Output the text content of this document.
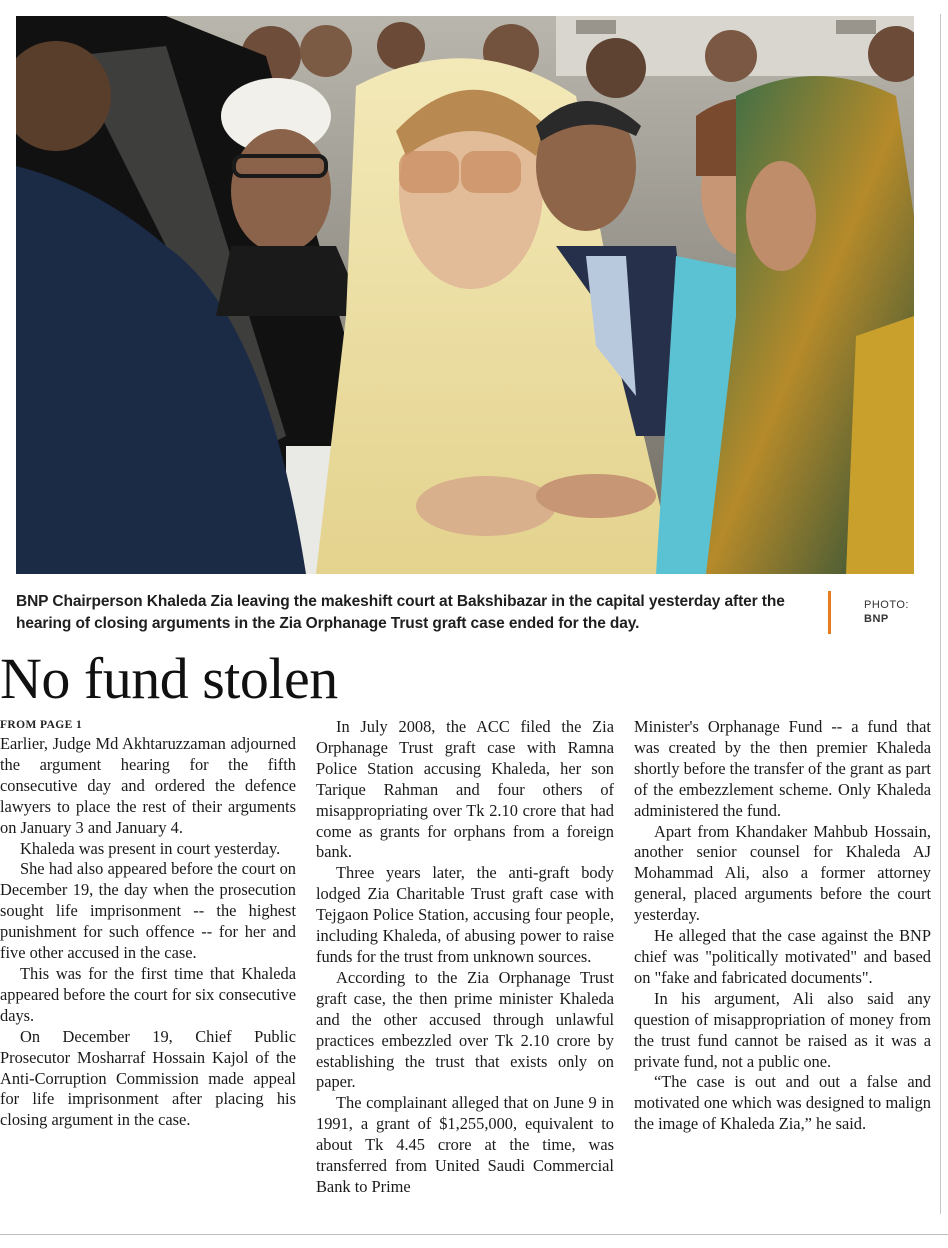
BNP Chairperson Khaleda Zia leaving the makeshift court at Bakshibazar in the capital yesterday after the hearing of closing arguments in the Zia Orphanage Trust graft case ended for the day.
PHOTO:
BNP
No fund stolen
FROM PAGE 1

Earlier, Judge Md Akhtaruzzaman adjourned the argument hearing for the fifth consecutive day and ordered the defence lawyers to place the rest of their arguments on January 3 and January 4.

Khaleda was present in court yesterday.

She had also appeared before the court on December 19, the day when the prosecution sought life imprisonment -- the highest punishment for such offence -- for her and five other accused in the case.

This was for the first time that Khaleda appeared before the court for six consecutive days.

On December 19, Chief Public Prosecutor Mosharraf Hossain Kajol of the Anti-Corruption Commission made appeal for life imprisonment after placing his closing argument in the case.

In July 2008, the ACC filed the Zia Orphanage Trust graft case with Ramna Police Station accusing Khaleda, her son Tarique Rahman and four others of misappropriating over Tk 2.10 crore that had come as grants for orphans from a foreign bank.

Three years later, the anti-graft body lodged Zia Charitable Trust graft case with Tejgaon Police Station, accusing four people, including Khaleda, of abusing power to raise funds for the trust from unknown sources.

According to the Zia Orphanage Trust graft case, the then prime minister Khaleda and the other accused through unlawful practices embezzled over Tk 2.10 crore by establishing the trust that exists only on paper.

The complainant alleged that on June 9 in 1991, a grant of $1,255,000, equivalent to about Tk 4.45 crore at the time, was transferred from United Saudi Commercial Bank to Prime

Minister's Orphanage Fund -- a fund that was created by the then premier Khaleda shortly before the transfer of the grant as part of the embezzlement scheme. Only Khaleda administered the fund.

Apart from Khandaker Mahbub Hossain, another senior counsel for Khaleda AJ Mohammad Ali, also a former attorney general, placed arguments before the court yesterday.

He alleged that the case against the BNP chief was "politically motivated" and based on "fake and fabricated documents".

In his argument, Ali also said any question of misappropriation of money from the trust fund cannot be raised as it was a private fund, not a public one.

“The case is out and out a false and motivated one which was designed to malign the image of Khaleda Zia,” he said.
